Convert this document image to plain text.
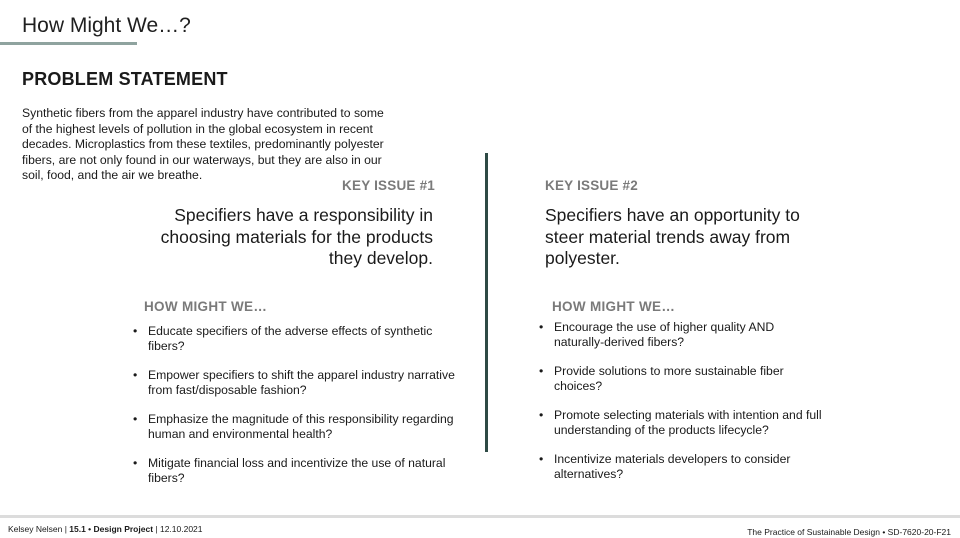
How Might We…?
PROBLEM STATEMENT
Synthetic fibers from the apparel industry have contributed to some of the highest levels of pollution in the global ecosystem in recent decades. Microplastics from these textiles, predominantly polyester fibers, are not only found in our waterways, but they are also in our soil, food, and the air we breathe.
KEY ISSUE #1
Specifiers have a responsibility in choosing materials for the products they develop.
HOW MIGHT WE…
• Educate specifiers of the adverse effects of synthetic fibers?
• Empower specifiers to shift the apparel industry narrative from fast/disposable fashion?
• Emphasize the magnitude of this responsibility regarding human and environmental health?
• Mitigate financial loss and incentivize the use of natural fibers?
KEY ISSUE #2
Specifiers have an opportunity to steer material trends away from polyester.
HOW MIGHT WE…
• Encourage the use of higher quality AND naturally-derived fibers?
• Provide solutions to more sustainable fiber choices?
• Promote selecting materials with intention and full understanding of the products lifecycle?
• Incentivize materials developers to consider alternatives?
Kelsey Nelsen | 15.1 • Design Project | 12.10.2021	The Practice of Sustainable Design • SD-7620-20-F21
